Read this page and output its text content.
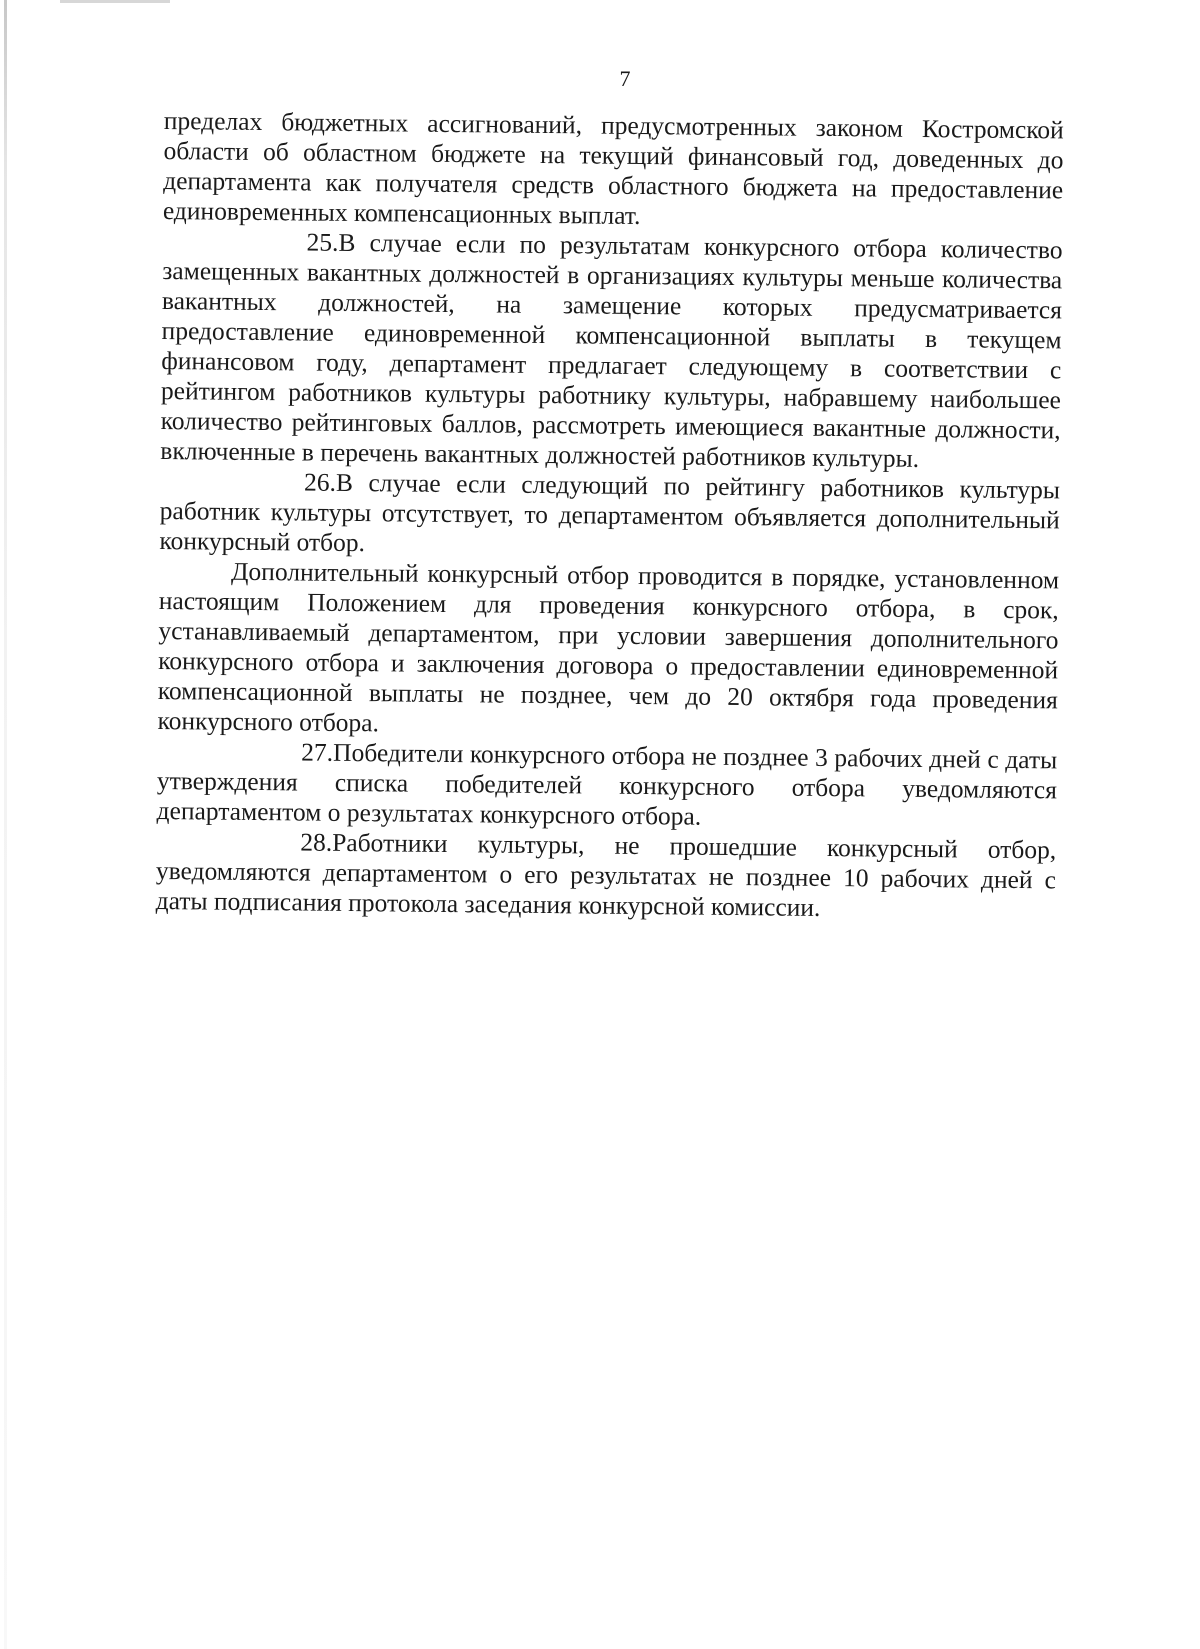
7

пределах бюджетных ассигнований, предусмотренных законом Костромской области об областном бюджете на текущий финансовый год, доведенных до департамента как получателя средств областного бюджета на предоставление единовременных компенсационных выплат.

25.В случае если по результатам конкурсного отбора количество замещенных вакантных должностей в организациях культуры меньше количества вакантных должностей, на замещение которых предусматривается предоставление единовременной компенсационной выплаты в текущем финансовом году, департамент предлагает следующему в соответствии с рейтингом работников культуры работнику культуры, набравшему наибольшее количество рейтинговых баллов, рассмотреть имеющиеся вакантные должности, включенные в перечень вакантных должностей работников культуры.

26.В случае если следующий по рейтингу работников культуры работник культуры отсутствует, то департаментом объявляется дополнительный конкурсный отбор.

Дополнительный конкурсный отбор проводится в порядке, установленном настоящим Положением для проведения конкурсного отбора, в срок, устанавливаемый департаментом, при условии завершения дополнительного конкурсного отбора и заключения договора о предоставлении единовременной компенсационной выплаты не позднее, чем до 20 октября года проведения конкурсного отбора.

27.Победители конкурсного отбора не позднее 3 рабочих дней с даты утверждения списка победителей конкурсного отбора уведомляются департаментом о результатах конкурсного отбора.

28.Работники культуры, не прошедшие конкурсный отбор, уведомляются департаментом о его результатах не позднее 10 рабочих дней с даты подписания протокола заседания конкурсной комиссии.
